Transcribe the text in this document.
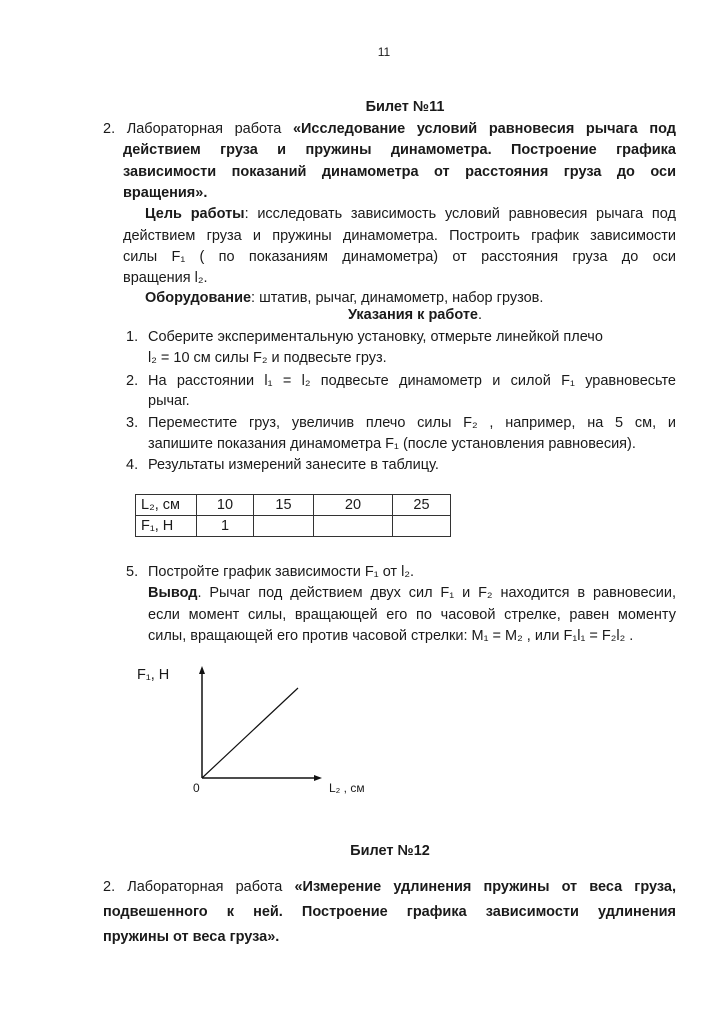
11
Билет №11
2. Лабораторная работа «Исследование условий равновесия рычага под
действием груза и пружины динамометра. Построение графика
зависимости показаний динамометра от расстояния груза до оси
вращения».
Цель работы: исследовать зависимость условий равновесия рычага под
действием груза и пружины динамометра. Построить график зависимости
силы F₁ ( по показаниям динамометра) от расстояния груза до оси
вращения l₂.
Оборудование: штатив, рычаг, динамометр, набор грузов.
Указания к работе.
1. Соберите экспериментальную установку, отмерьте линейкой плечо
l₂ = 10 см силы F₂ и подвесьте груз.
2. На расстоянии l₁ = l₂ подвесьте динамометр и силой F₁ уравновесьте
рычаг.
3. Переместите груз, увеличив плечо силы F₂ , например, на 5 см, и
запишите показания динамометра F₁ (после установления равновесия).
4. Результаты измерений занесите в таблицу.
L₂, см	10	15	20	25
F₁, Н	1			
5. Постройте график зависимости F₁ от l₂.
Вывод. Рычаг под действием двух сил F₁ и F₂ находится в равновесии,
если момент силы, вращающей его по часовой стрелке, равен моменту
силы, вращающей его против часовой стрелки: M₁ = M₂ , или F₁l₁ = F₂l₂ .
F₁, Н
0	L₂ , см
Билет №12
2. Лабораторная работа «Измерение удлинения пружины от веса груза,
подвешенного к ней. Построение графика зависимости удлинения
пружины от веса груза».
